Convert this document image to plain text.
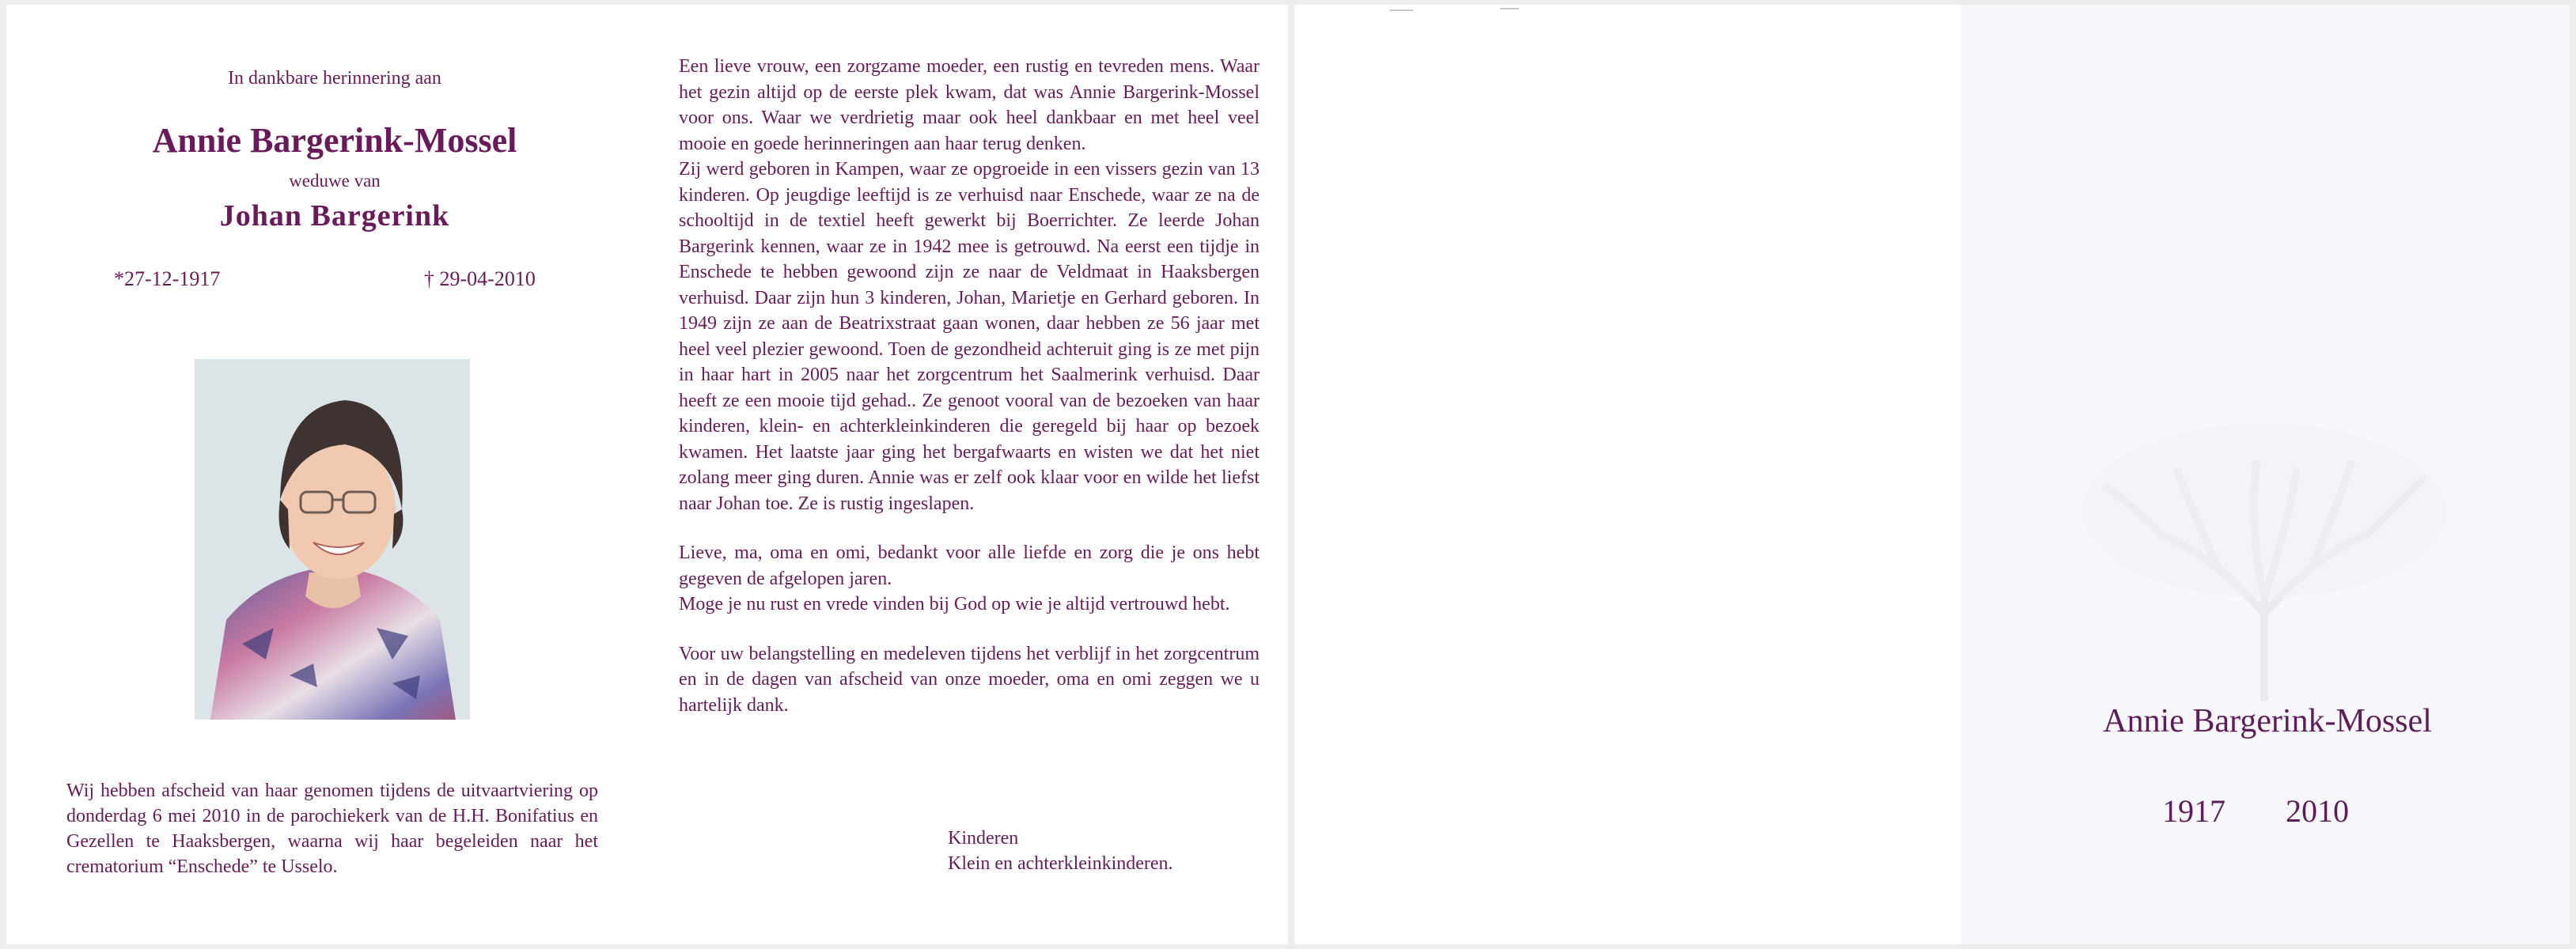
In dankbare herinnering aan
Annie Bargerink-Mossel
weduwe van
Johan Bargerink
*27-12-1917	† 29-04-2010
Wij hebben afscheid van haar genomen tijdens de uitvaartviering op donderdag 6 mei 2010 in de parochiekerk van de H.H. Bonifatius en Gezellen te Haaksbergen, waarna wij haar begeleiden naar het crematorium “Enschede” te Usselo.

Een lieve vrouw, een zorgzame moeder, een rustig en tevreden mens. Waar het gezin altijd op de eerste plek kwam, dat was Annie Bargerink-Mossel voor ons. Waar we verdrietig maar ook heel dankbaar en met heel veel mooie en goede herinneringen aan haar terug denken.

Zij werd geboren in Kampen, waar ze opgroeide in een vissers gezin van 13 kinderen. Op jeugdige leeftijd is ze verhuisd naar Enschede, waar ze na de schooltijd in de textiel heeft gewerkt bij Boerrichter. Ze leerde Johan Bargerink kennen, waar ze in 1942 mee is getrouwd. Na eerst een tijdje in Enschede te hebben gewoond zijn ze naar de Veldmaat in Haaksbergen verhuisd. Daar zijn hun 3 kinderen, Johan, Marietje en Gerhard geboren. In 1949 zijn ze aan de Beatrixstraat gaan wonen, daar hebben ze 56 jaar met heel veel plezier gewoond. Toen de gezondheid achteruit ging is ze met pijn in haar hart in 2005 naar het zorgcentrum het Saalmerink verhuisd. Daar heeft ze een mooie tijd gehad.. Ze genoot vooral van de bezoeken van haar kinderen, klein- en achterkleinkinderen die geregeld bij haar op bezoek kwamen. Het laatste jaar ging het bergafwaarts en wisten we dat het niet zolang meer ging duren. Annie was er zelf ook klaar voor en wilde het liefst naar Johan toe. Ze is rustig ingeslapen.

Lieve, ma, oma en omi, bedankt voor alle liefde en zorg die je ons hebt gegeven de afgelopen jaren.

Moge je nu rust en vrede vinden bij God op wie je altijd vertrouwd hebt.

Voor uw belangstelling en medeleven tijdens het verblijf in het zorgcentrum en in de dagen van afscheid van onze moeder, oma en omi zeggen we u hartelijk dank.

Kinderen
Klein en achterkleinkinderen.
Annie Bargerink-Mossel
1917 2010
